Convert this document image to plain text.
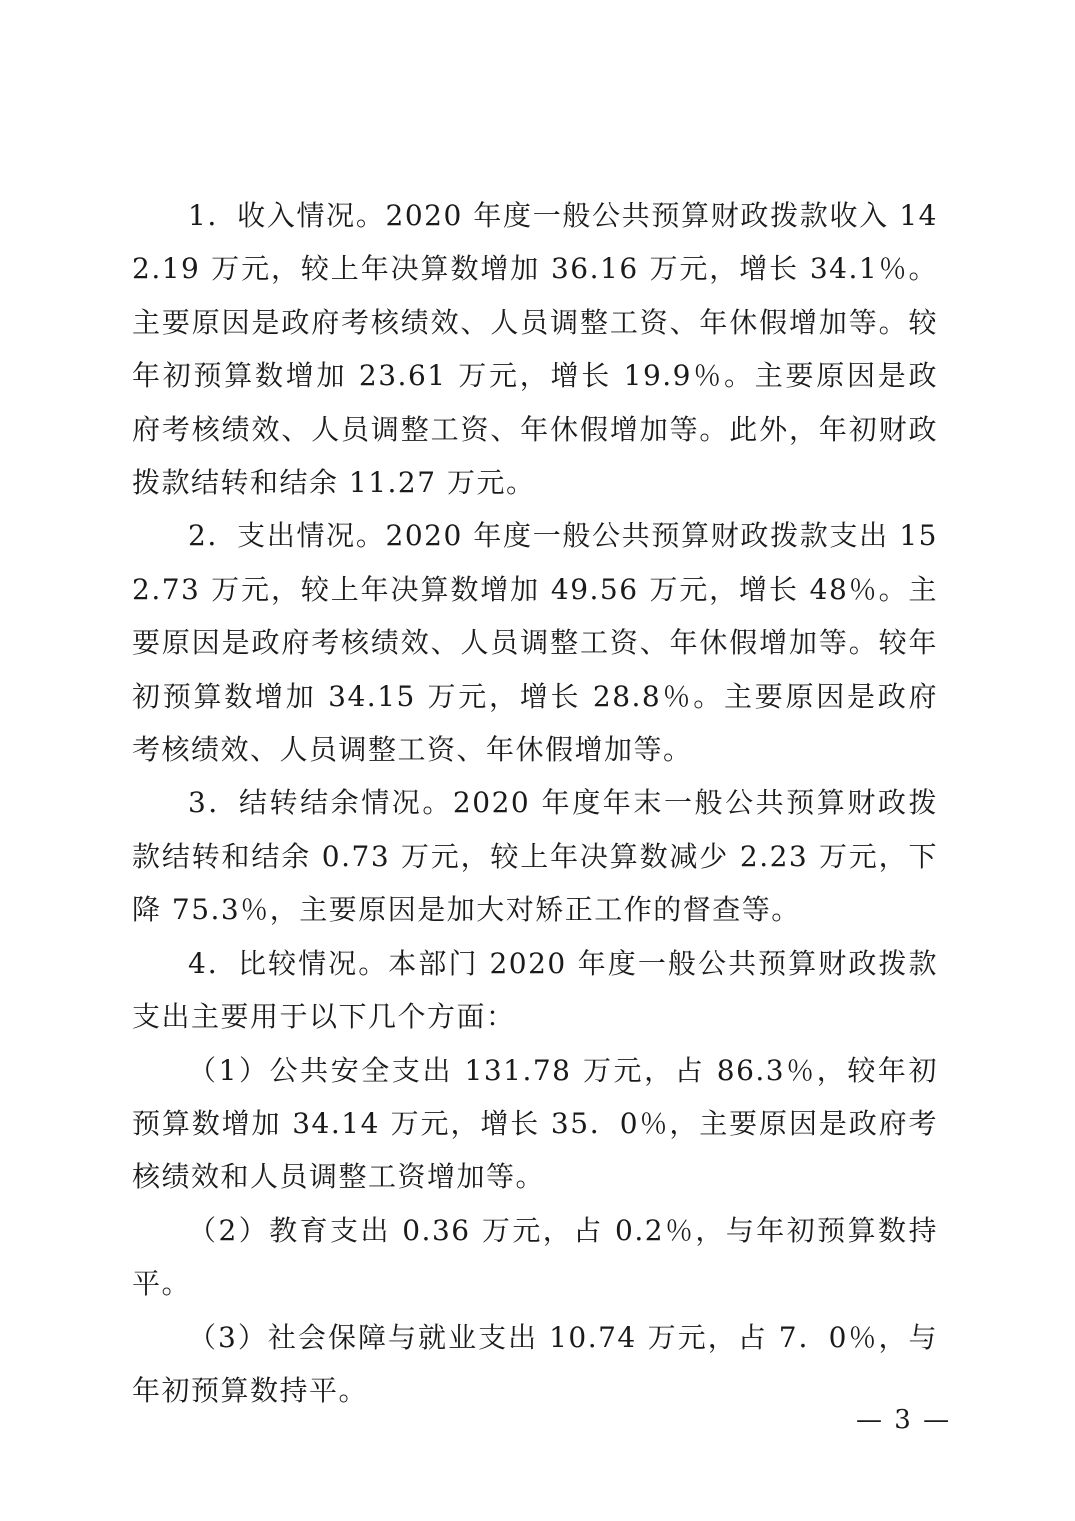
1．收入情况。2020 年度一般公共预算财政拨款收入 142.19 万元，较上年决算数增加 36.16 万元，增长 34.1％。主要原因是政府考核绩效、人员调整工资、年休假增加等。较年初预算数增加 23.61 万元，增长 19.9％。主要原因是政府考核绩效、人员调整工资、年休假增加等。此外，年初财政拨款结转和结余 11.27 万元。

2．支出情况。2020 年度一般公共预算财政拨款支出 152.73 万元，较上年决算数增加 49.56 万元，增长 48％。主要原因是政府考核绩效、人员调整工资、年休假增加等。较年初预算数增加 34.15 万元，增长 28.8％。主要原因是政府考核绩效、人员调整工资、年休假增加等。

3．结转结余情况。2020 年度年末一般公共预算财政拨款结转和结余 0.73 万元，较上年决算数减少 2.23 万元，下降 75.3％，主要原因是加大对矫正工作的督查等。

4．比较情况。本部门 2020 年度一般公共预算财政拨款支出主要用于以下几个方面：

（1）公共安全支出 131.78 万元，占 86.3％，较年初预算数增加 34.14 万元，增长 35．0％，主要原因是政府考核绩效和人员调整工资增加等。

（2）教育支出 0.36 万元，占 0.2％，与年初预算数持平。

（3）社会保障与就业支出 10.74 万元，占 7．0％，与年初预算数持平。

— 3 —
